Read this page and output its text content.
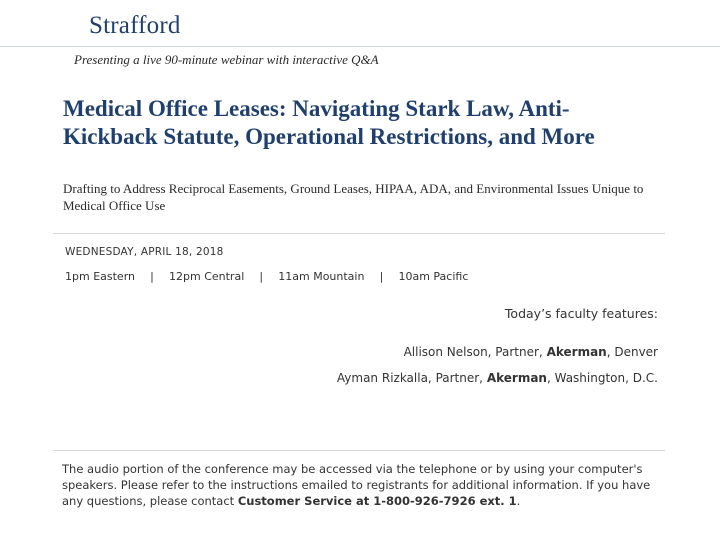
Strafford
Presenting a live 90-minute webinar with interactive Q&A
Medical Office Leases: Navigating Stark Law, Anti-Kickback Statute, Operational Restrictions, and More

Drafting to Address Reciprocal Easements, Ground Leases, HIPAA, ADA, and Environmental Issues Unique to Medical Office Use

WEDNESDAY, APRIL 18, 2018
1pm Eastern | 12pm Central | 11am Mountain | 10am Pacific
Today’s faculty features:
Allison Nelson, Partner, Akerman, Denver
Ayman Rizkalla, Partner, Akerman, Washington, D.C.

The audio portion of the conference may be accessed via the telephone or by using your computer's speakers. Please refer to the instructions emailed to registrants for additional information. If you have any questions, please contact Customer Service at 1-800-926-7926 ext. 1.
